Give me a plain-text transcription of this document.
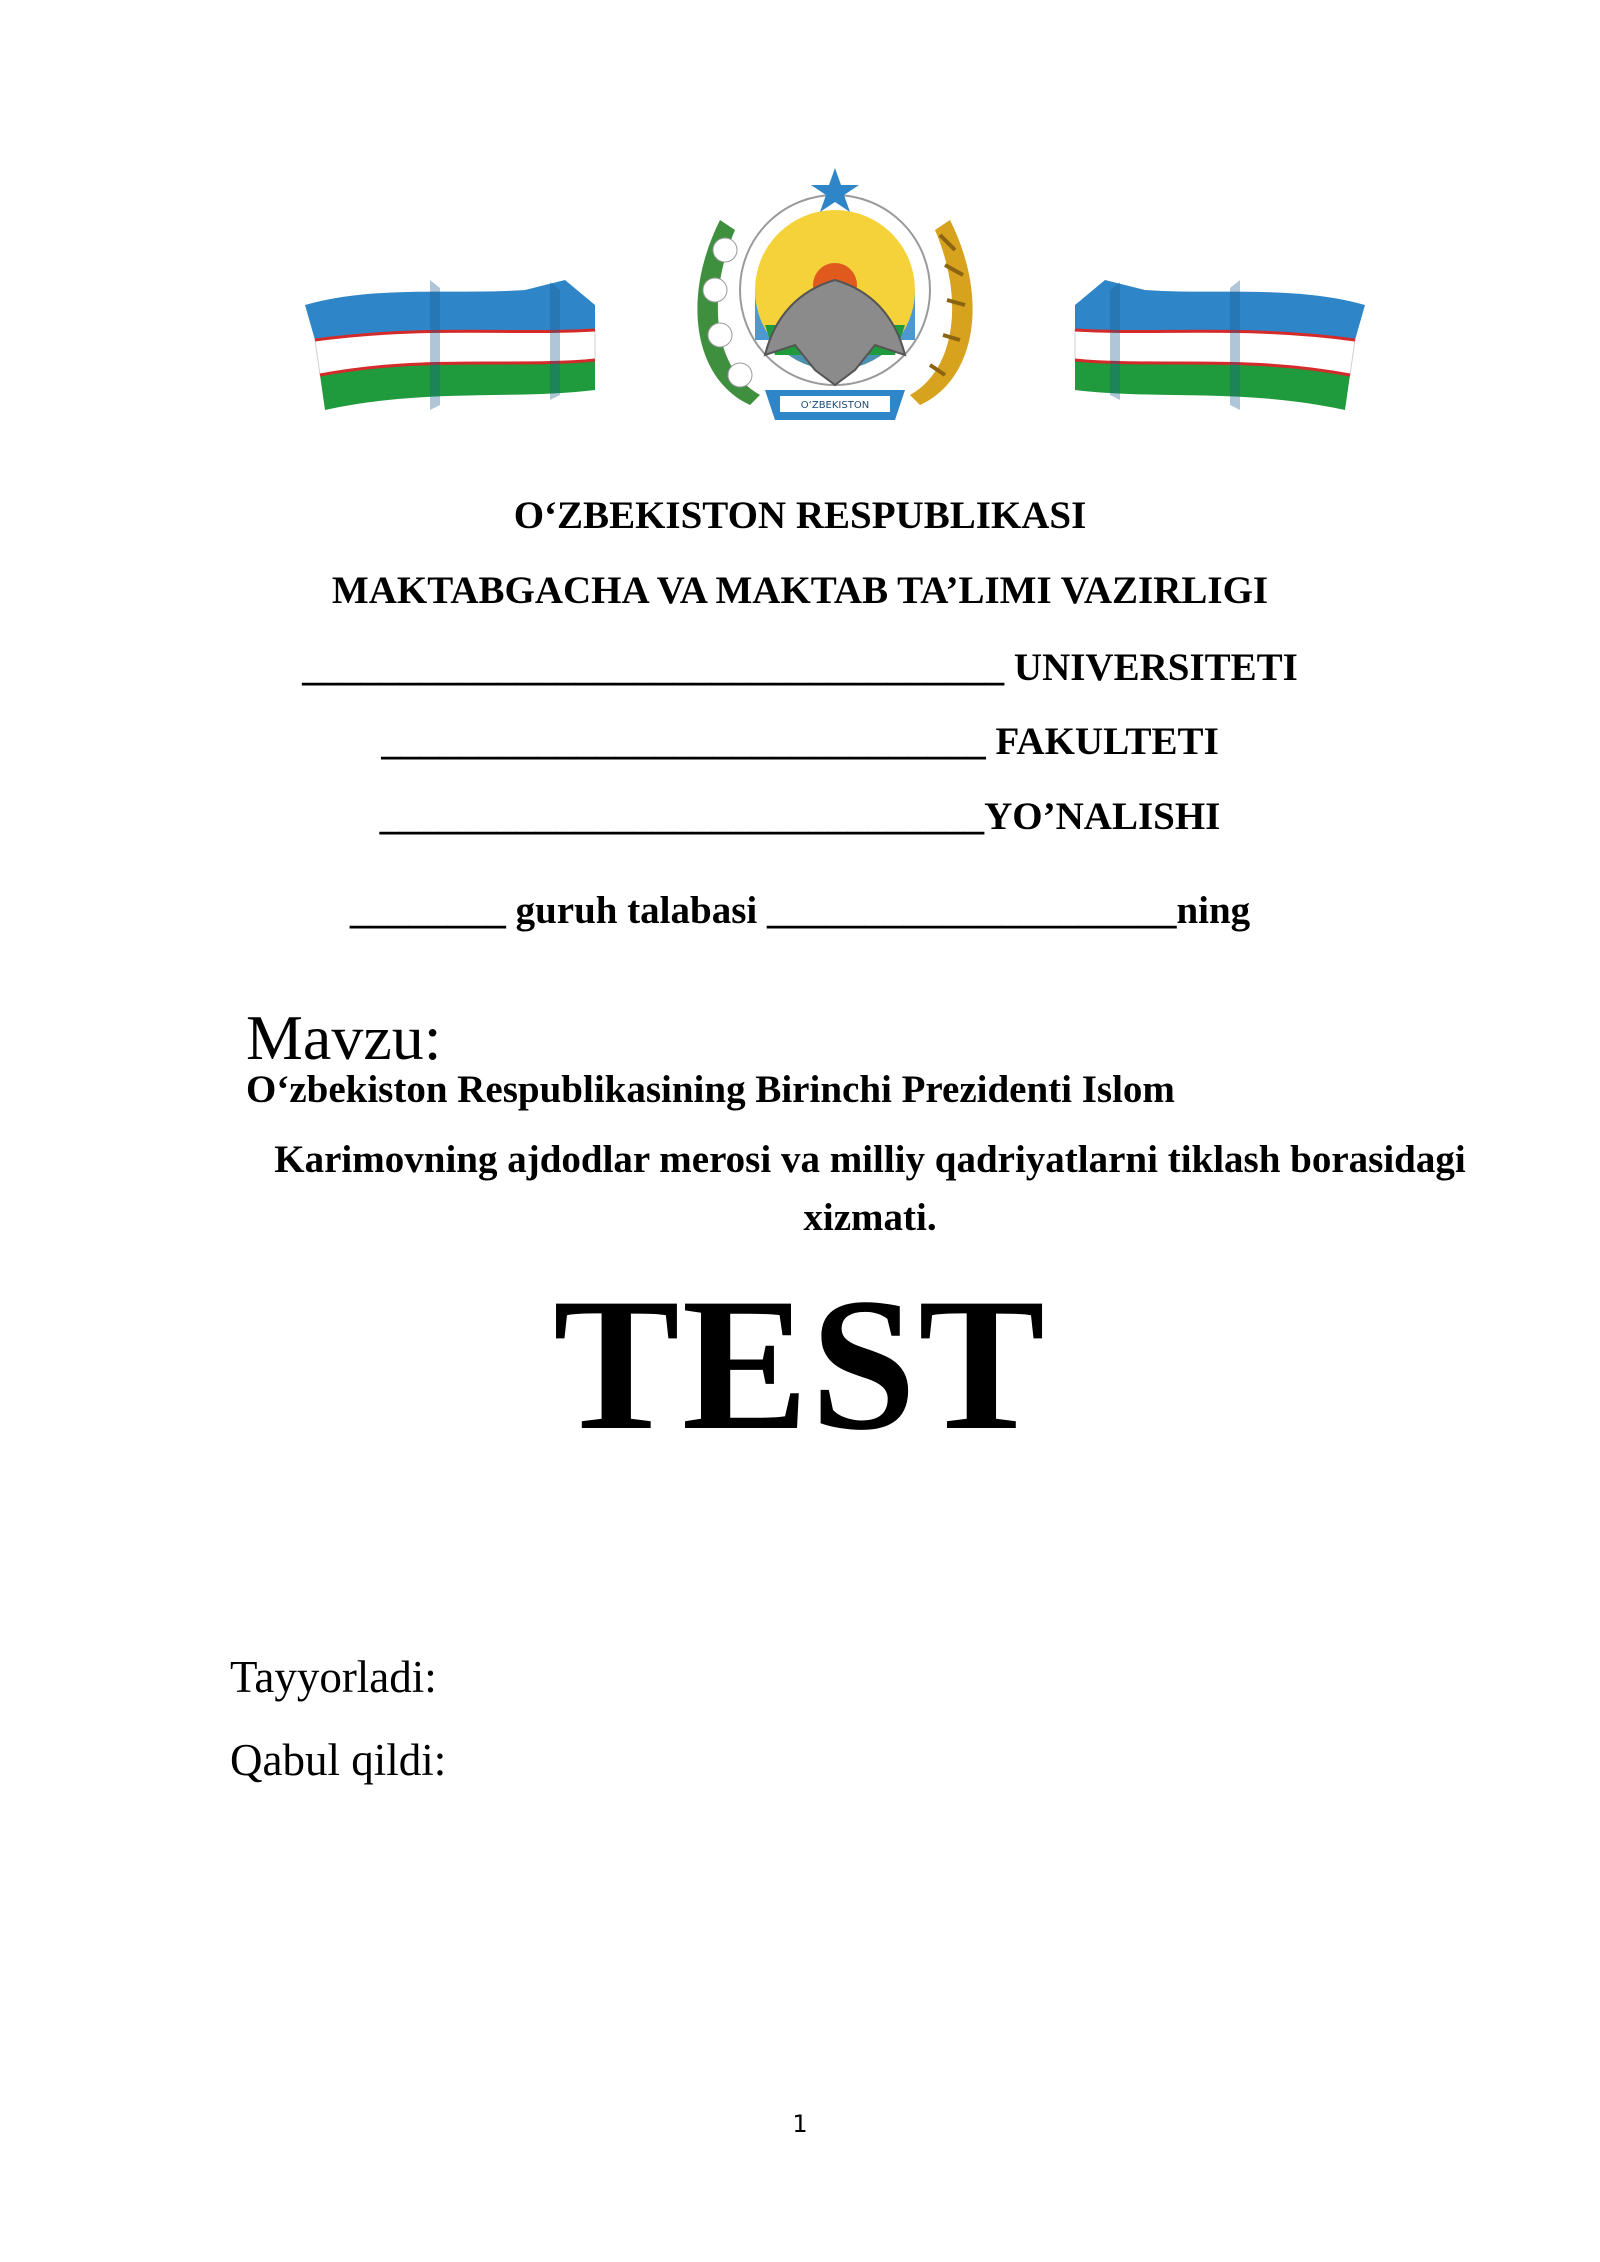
O‘ZBEKISTON
O‘ZBEKISTON RESPUBLIKASI
MAKTABGACHA VA MAKTAB TA’LIMI VAZIRLIGI
____________________________________ UNIVERSITETI
_______________________________ FAKULTETI
_______________________________YO’NALISHI
________ guruh talabasi _____________________ning

Mavzu:
O‘zbekiston Respublikasining Birinchi Prezidenti Islom

Karimovning ajdodlar merosi va milliy qadriyatlarni tiklash borasidagi xizmati.
TEST
Tayyorladi:
Qabul qildi:
1
